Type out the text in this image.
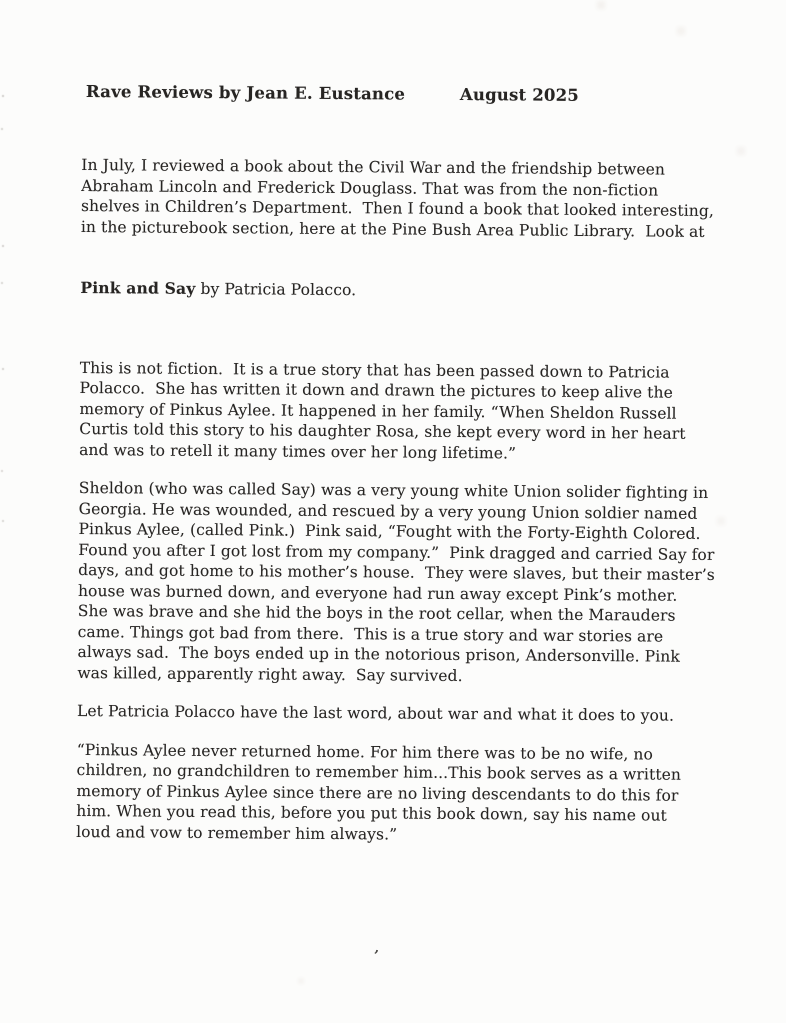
Rave Reviews by Jean E. Eustance	August 2025

In July, I reviewed a book about the Civil War and the friendship between
Abraham Lincoln and Frederick Douglass. That was from the non-fiction
shelves in Children’s Department.  Then I found a book that looked interesting,
in the picturebook section, here at the Pine Bush Area Public Library.  Look at

Pink and Say by Patricia Polacco.

This is not fiction.  It is a true story that has been passed down to Patricia
Polacco.  She has written it down and drawn the pictures to keep alive the
memory of Pinkus Aylee. It happened in her family. “When Sheldon Russell
Curtis told this story to his daughter Rosa, she kept every word in her heart
and was to retell it many times over her long lifetime.”
Sheldon (who was called Say) was a very young white Union solider fighting in
Georgia. He was wounded, and rescued by a very young Union soldier named
Pinkus Aylee, (called Pink.)  Pink said, “Fought with the Forty-Eighth Colored.
Found you after I got lost from my company.”  Pink dragged and carried Say for
days, and got home to his mother’s house.  They were slaves, but their master’s
house was burned down, and everyone had run away except Pink’s mother.
She was brave and she hid the boys in the root cellar, when the Marauders
came. Things got bad from there.  This is a true story and war stories are
always sad.  The boys ended up in the notorious prison, Andersonville. Pink
was killed, apparently right away.  Say survived.
Let Patricia Polacco have the last word, about war and what it does to you.
“Pinkus Aylee never returned home. For him there was to be no wife, no
children, no grandchildren to remember him...This book serves as a written
memory of Pinkus Aylee since there are no living descendants to do this for
him. When you read this, before you put this book down, say his name out
loud and vow to remember him always.”
,
